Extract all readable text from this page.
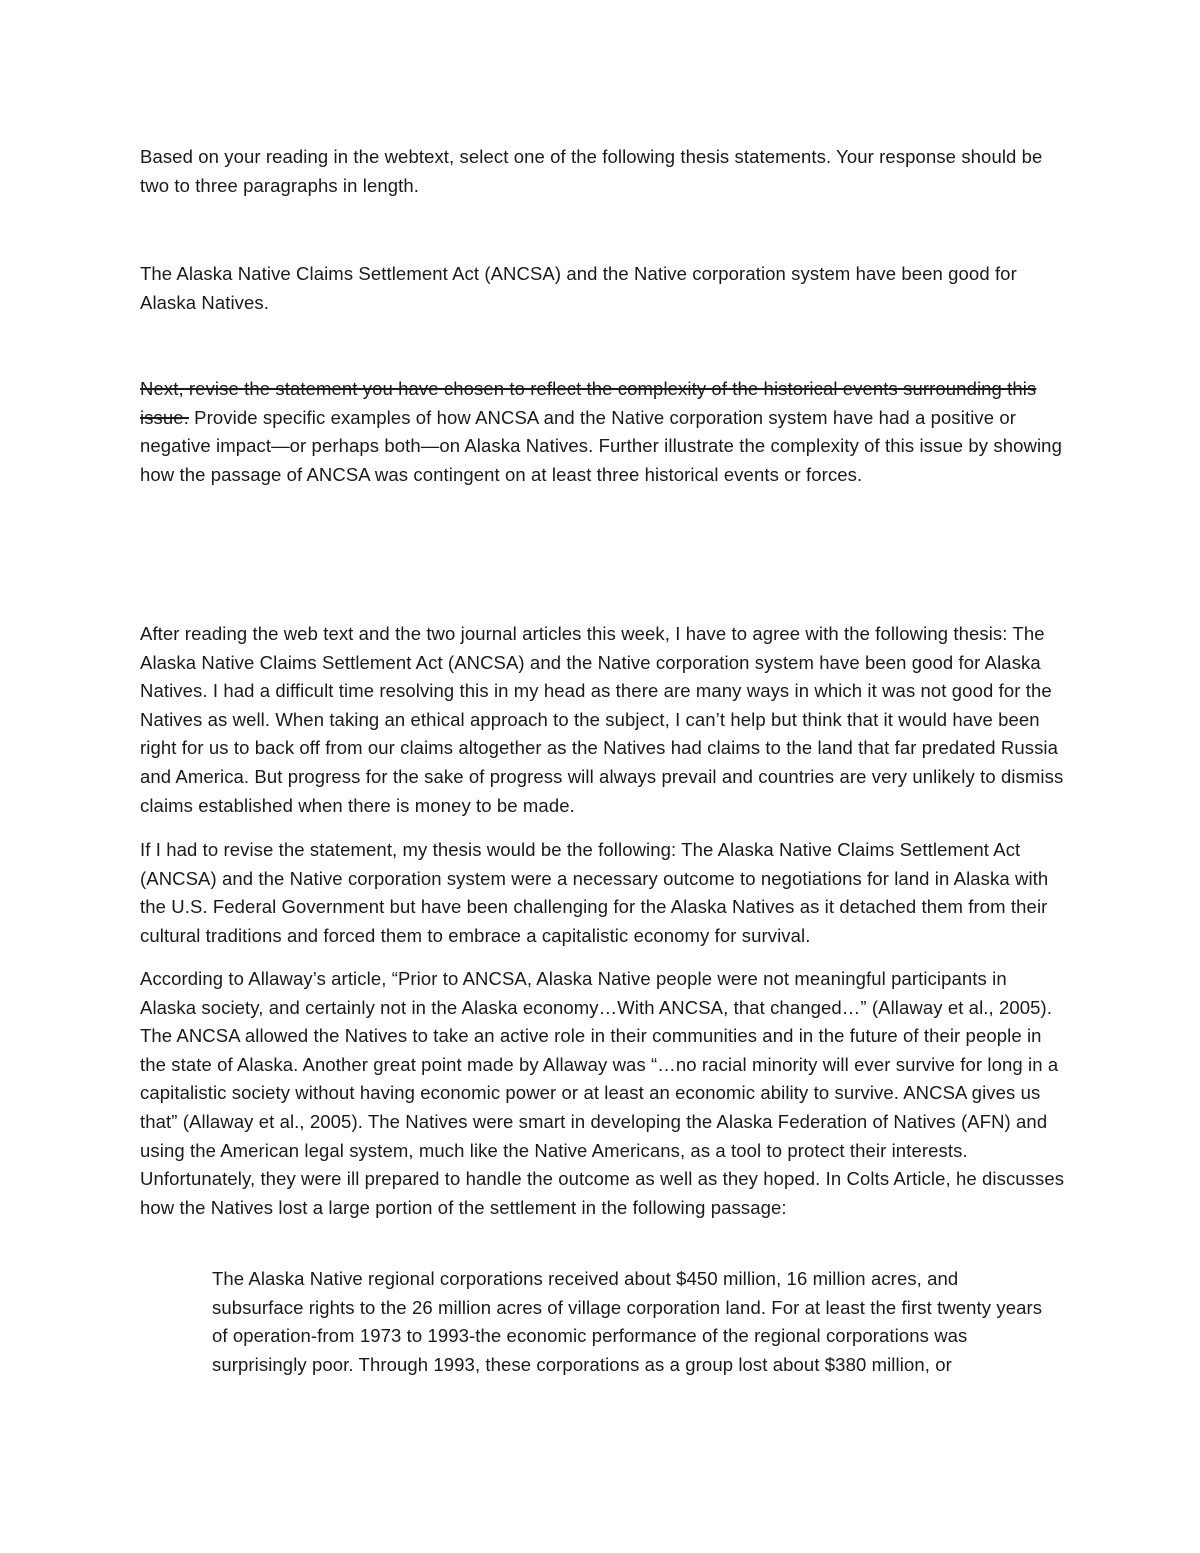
Based on your reading in the webtext, select one of the following thesis statements. Your response should be two to three paragraphs in length.

The Alaska Native Claims Settlement Act (ANCSA) and the Native corporation system have been good for Alaska Natives.

Next, revise the statement you have chosen to reflect the complexity of the historical events surrounding this issue. Provide specific examples of how ANCSA and the Native corporation system have had a positive or negative impact—or perhaps both—on Alaska Natives. Further illustrate the complexity of this issue by showing how the passage of ANCSA was contingent on at least three historical events or forces.

After reading the web text and the two journal articles this week, I have to agree with the following thesis: The Alaska Native Claims Settlement Act (ANCSA) and the Native corporation system have been good for Alaska Natives. I had a difficult time resolving this in my head as there are many ways in which it was not good for the Natives as well. When taking an ethical approach to the subject, I can’t help but think that it would have been right for us to back off from our claims altogether as the Natives had claims to the land that far predated Russia and America. But progress for the sake of progress will always prevail and countries are very unlikely to dismiss claims established when there is money to be made.

If I had to revise the statement, my thesis would be the following: The Alaska Native Claims Settlement Act (ANCSA) and the Native corporation system were a necessary outcome to negotiations for land in Alaska with the U.S. Federal Government but have been challenging for the Alaska Natives as it detached them from their cultural traditions and forced them to embrace a capitalistic economy for survival.

According to Allaway’s article, “Prior to ANCSA, Alaska Native people were not meaningful participants in Alaska society, and certainly not in the Alaska economy…With ANCSA, that changed…” (Allaway et al., 2005). The ANCSA allowed the Natives to take an active role in their communities and in the future of their people in the state of Alaska. Another great point made by Allaway was “…no racial minority will ever survive for long in a capitalistic society without having economic power or at least an economic ability to survive. ANCSA gives us that” (Allaway et al., 2005). The Natives were smart in developing the Alaska Federation of Natives (AFN) and using the American legal system, much like the Native Americans, as a tool to protect their interests. Unfortunately, they were ill prepared to handle the outcome as well as they hoped. In Colts Article, he discusses how the Natives lost a large portion of the settlement in the following passage:

The Alaska Native regional corporations received about $450 million, 16 million acres, and subsurface rights to the 26 million acres of village corporation land. For at least the first twenty years of operation-from 1973 to 1993-the economic performance of the regional corporations was surprisingly poor. Through 1993, these corporations as a group lost about $380 million, or
